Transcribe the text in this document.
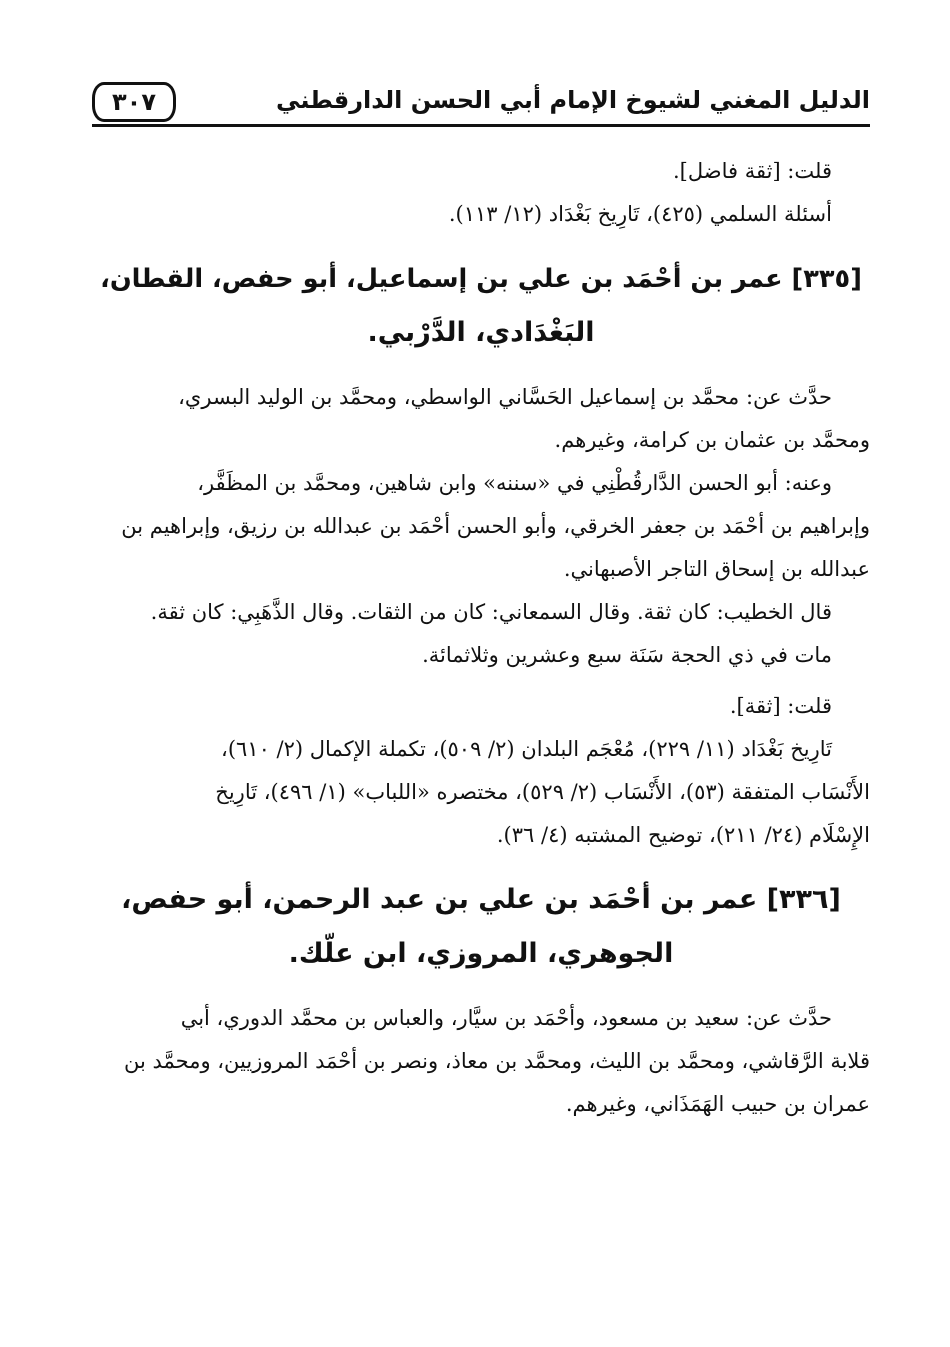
الدليل المغني لشيوخ الإمام أبي الحسن الدارقطني
٣٠٧

قلت: [ثقة فاضل].

أسئلة السلمي (٤٢٥)، تَارِيخ بَغْدَاد (١٢/ ١١٣).

[٣٣٥] عمر بن أحْمَد بن علي بن إسماعيل، أبو حفص، القطان،
البَغْدَادي، الدَّرْبي.

حدَّث عن: محمَّد بن إسماعيل الحَسَّاني الواسطي، ومحمَّد بن الوليد البسري،
ومحمَّد بن عثمان بن كرامة، وغيرهم.

وعنه: أبو الحسن الدَّارقُطْنِي في «سننه» وابن شاهين، ومحمَّد بن المظَفَّر،
وإبراهيم بن أحْمَد بن جعفر الخرقي، وأبو الحسن أحْمَد بن عبدالله بن رزيق، وإبراهيم بن
عبدالله بن إسحاق التاجر الأصبهاني.

قال الخطيب: كان ثقة. وقال السمعاني: كان من الثقات. وقال الذَّهَبِي: كان ثقة.

مات في ذي الحجة سَنَة سبع وعشرين وثلاثمائة.

قلت: [ثقة].

تَارِيخ بَغْدَاد (١١/ ٢٢٩)، مُعْجَم البلدان (٢/ ٥٠٩)، تكملة الإكمال (٢/ ٦١٠)،
الأَنْسَاب المتفقة (٥٣)، الأَنْسَاب (٢/ ٥٢٩)، مختصره «اللباب» (١/ ٤٩٦)، تَارِيخ
الإِسْلَام (٢٤/ ٢١١)، توضيح المشتبه (٤/ ٣٦).

[٣٣٦] عمر بن أحْمَد بن علي بن عبد الرحمن، أبو حفص،
الجوهري، المروزي، ابن علّك.

حدَّث عن: سعيد بن مسعود، وأحْمَد بن سيَّار، والعباس بن محمَّد الدوري، أبي
قلابة الرَّقاشي، ومحمَّد بن الليث، ومحمَّد بن معاذ، ونصر بن أحْمَد المروزيين، ومحمَّد بن
عمران بن حبيب الهَمَذَاني، وغيرهم.
